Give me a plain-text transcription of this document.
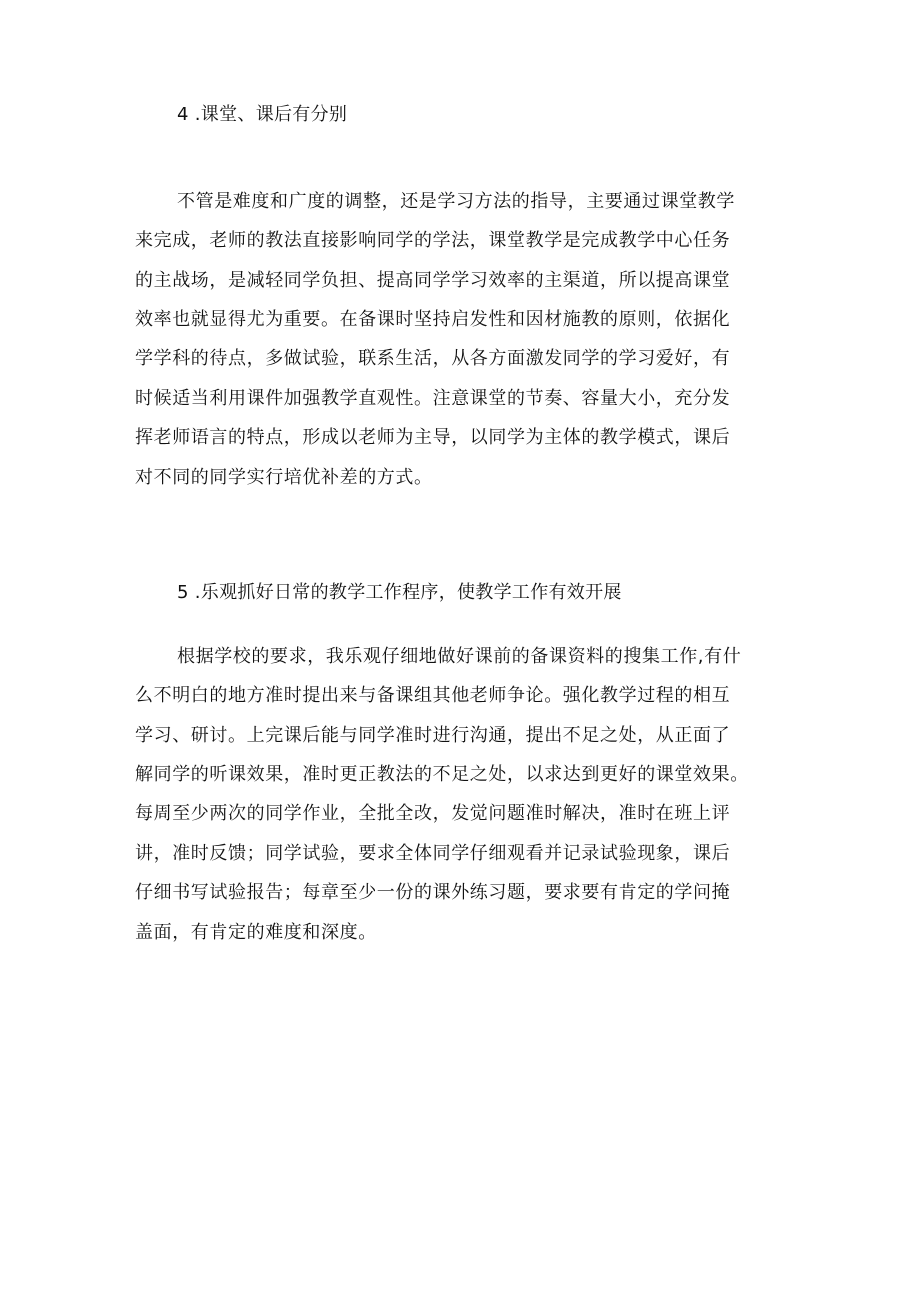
4 .课堂、课后有分别
不管是难度和广度的调整，还是学习方法的指导，主要通过课堂教学
来完成，老师的教法直接影响同学的学法，课堂教学是完成教学中心任务
的主战场，是减轻同学负担、提高同学学习效率的主渠道，所以提高课堂
效率也就显得尤为重要。在备课时坚持启发性和因材施教的原则，依据化
学学科的待点，多做试验，联系生活，从各方面激发同学的学习爱好，有
时候适当利用课件加强教学直观性。注意课堂的节奏、容量大小，充分发
挥老师语言的特点，形成以老师为主导，以同学为主体的教学模式，课后
对不同的同学实行培优补差的方式。
5 .乐观抓好日常的教学工作程序，使教学工作有效开展
根据学校的要求，我乐观仔细地做好课前的备课资料的搜集工作,有什
么不明白的地方准时提出来与备课组其他老师争论。强化教学过程的相互
学习、研讨。上完课后能与同学准时进行沟通，提出不足之处，从正面了
解同学的听课效果，准时更正教法的不足之处，以求达到更好的课堂效果。
每周至少两次的同学作业，全批全改，发觉问题准时解决，准时在班上评
讲，准时反馈；同学试验，要求全体同学仔细观看并记录试验现象，课后
仔细书写试验报告；每章至少一份的课外练习题，要求要有肯定的学问掩
盖面，有肯定的难度和深度。
